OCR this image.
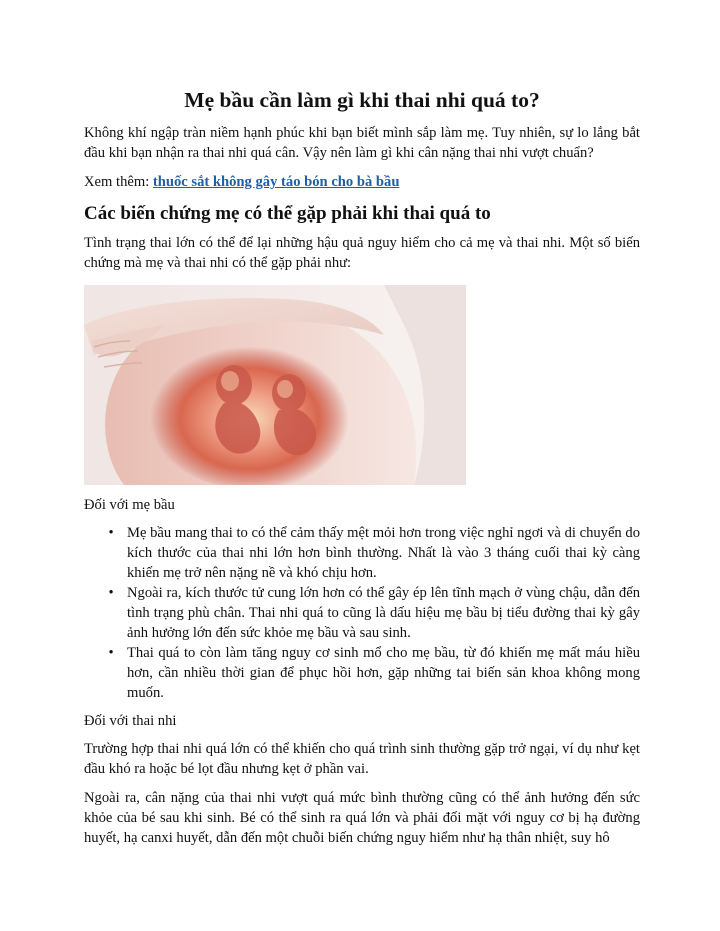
Mẹ bầu cần làm gì khi thai nhi quá to?

Không khí ngập tràn niềm hạnh phúc khi bạn biết mình sắp làm mẹ. Tuy nhiên, sự lo lắng bắt đầu khi bạn nhận ra thai nhi quá cân. Vậy nên làm gì khi cân nặng thai nhi vượt chuẩn?

Xem thêm: thuốc sắt không gây táo bón cho bà bầu

Các biến chứng mẹ có thể gặp phải khi thai quá to

Tình trạng thai lớn có thể để lại những hậu quả nguy hiểm cho cả mẹ và thai nhi. Một số biến chứng mà mẹ và thai nhi có thể gặp phải như:

Đối với mẹ bầu

• Mẹ bầu mang thai to có thể cảm thấy mệt mỏi hơn trong việc nghỉ ngơi và di chuyển do kích thước của thai nhi lớn hơn bình thường. Nhất là vào 3 tháng cuối thai kỳ càng khiến mẹ trở nên nặng nề và khó chịu hơn.
• Ngoài ra, kích thước tử cung lớn hơn có thể gây ép lên tĩnh mạch ở vùng chậu, dẫn đến tình trạng phù chân. Thai nhi quá to cũng là dấu hiệu mẹ bầu bị tiểu đường thai kỳ gây ảnh hưởng lớn đến sức khỏe mẹ bầu và sau sinh.
• Thai quá to còn làm tăng nguy cơ sinh mổ cho mẹ bầu, từ đó khiến mẹ mất máu hiều hơn, cần nhiều thời gian để phục hồi hơn, gặp những tai biến sản khoa không mong muốn.

Đối với thai nhi

Trường hợp thai nhi quá lớn có thể khiến cho quá trình sinh thường gặp trở ngại, ví dụ như kẹt đầu khó ra hoặc bé lọt đầu nhưng kẹt ở phần vai.

Ngoài ra, cân nặng của thai nhi vượt quá mức bình thường cũng có thể ảnh hưởng đến sức khỏe của bé sau khi sinh. Bé có thể sinh ra quá lớn và phải đối mặt với nguy cơ bị hạ đường huyết, hạ canxi huyết, dẫn đến một chuỗi biến chứng nguy hiểm như hạ thân nhiệt, suy hô
